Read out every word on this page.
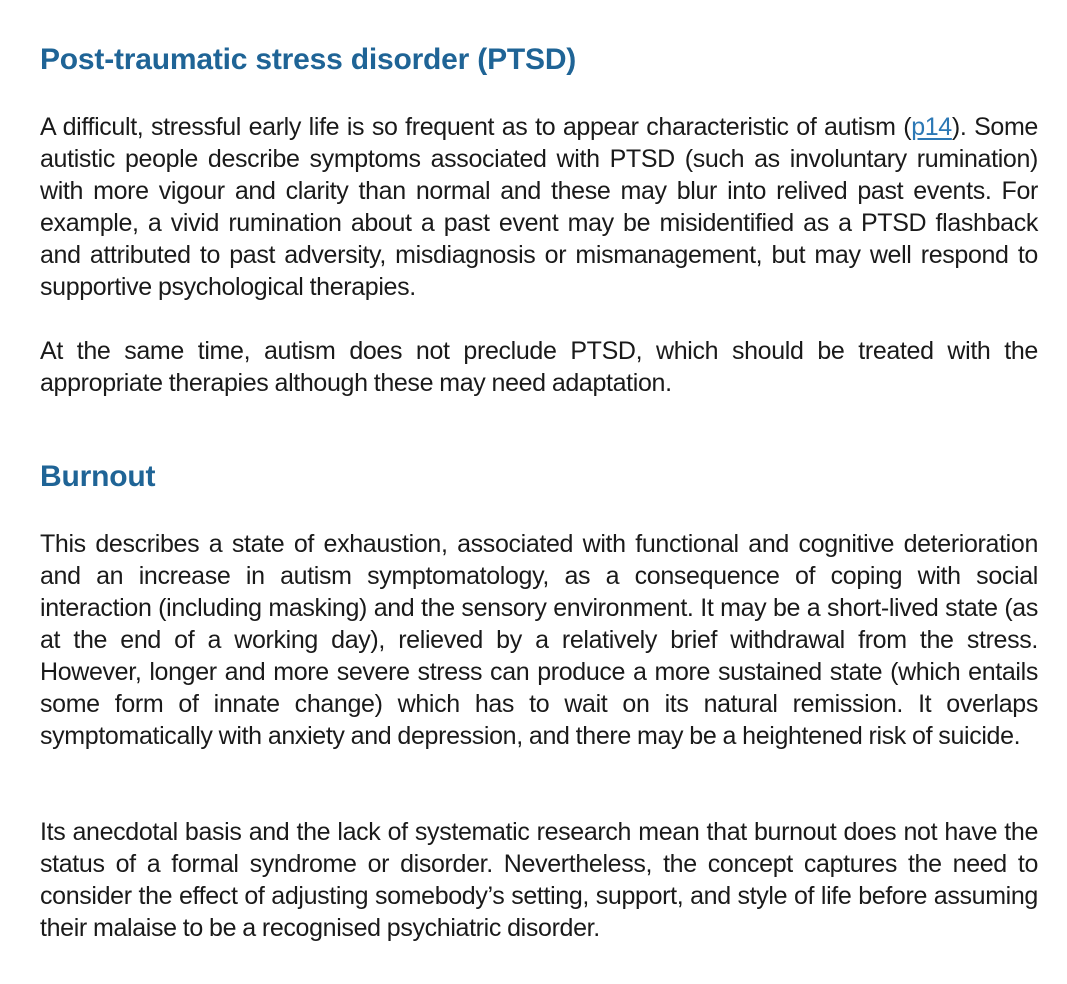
Post-traumatic stress disorder (PTSD)

A difficult, stressful early life is so frequent as to appear characteristic of autism (p14). Some autistic people describe symptoms associated with PTSD (such as involuntary rumination) with more vigour and clarity than normal and these may blur into relived past events. For example, a vivid rumination about a past event may be misidentified as a PTSD flashback and attributed to past adversity, misdiagnosis or mismanagement, but may well respond to supportive psychological therapies.

At the same time, autism does not preclude PTSD, which should be treated with the appropriate therapies although these may need adaptation.

Burnout

This describes a state of exhaustion, associated with functional and cognitive deterioration and an increase in autism symptomatology, as a consequence of coping with social interaction (including masking) and the sensory environment. It may be a short-lived state (as at the end of a working day), relieved by a relatively brief withdrawal from the stress. However, longer and more severe stress can produce a more sustained state (which entails some form of innate change) which has to wait on its natural remission. It overlaps symptomatically with anxiety and depression, and there may be a heightened risk of suicide.

Its anecdotal basis and the lack of systematic research mean that burnout does not have the status of a formal syndrome or disorder. Nevertheless, the concept captures the need to consider the effect of adjusting somebody’s setting, support, and style of life before assuming their malaise to be a recognised psychiatric disorder.
